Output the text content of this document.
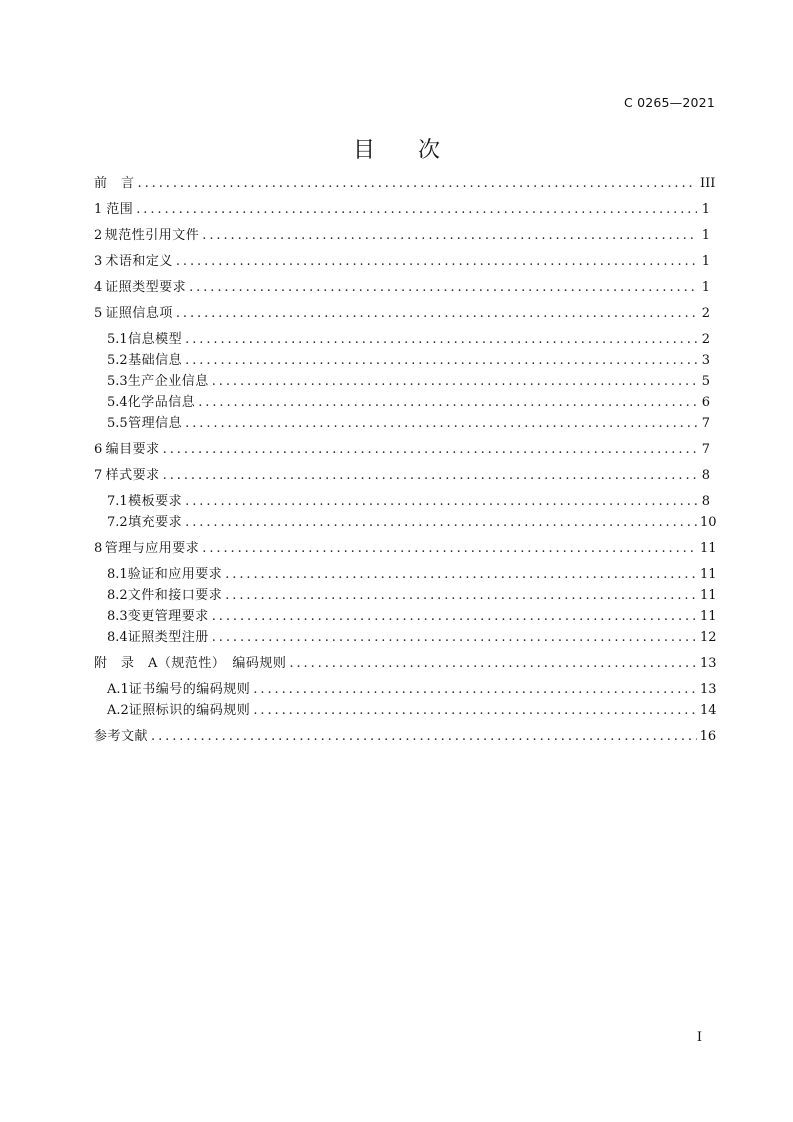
C 0265—2021
目 次
前　言 . . .	III
1 范围 . . .	1
2 规范性引用文件 . . .	1
3 术语和定义 . . .	1
4 证照类型要求 . . .	1
5 证照信息项 . . .	2
5.1 信息模型 . . .	2
5.2 基础信息 . . .	3
5.3 生产企业信息 . . .	5
5.4 化学品信息 . . .	6
5.5 管理信息 . . .	7
6 编目要求 . . .	7
7 样式要求 . . .	8
7.1 模板要求 . . .	8
7.2 填充要求 . . .	10
8 管理与应用要求 . . .	11
8.1 验证和应用要求 . . .	11
8.2 文件和接口要求 . . .	11
8.3 变更管理要求 . . .	11
8.4 证照类型注册 . . .	12
附　录　A（规范性）　编码规则 . . .	13
A.1 证书编号的编码规则 . . .	13
A.2 证照标识的编码规则 . . .	14
参考文献 . . .	16
I
